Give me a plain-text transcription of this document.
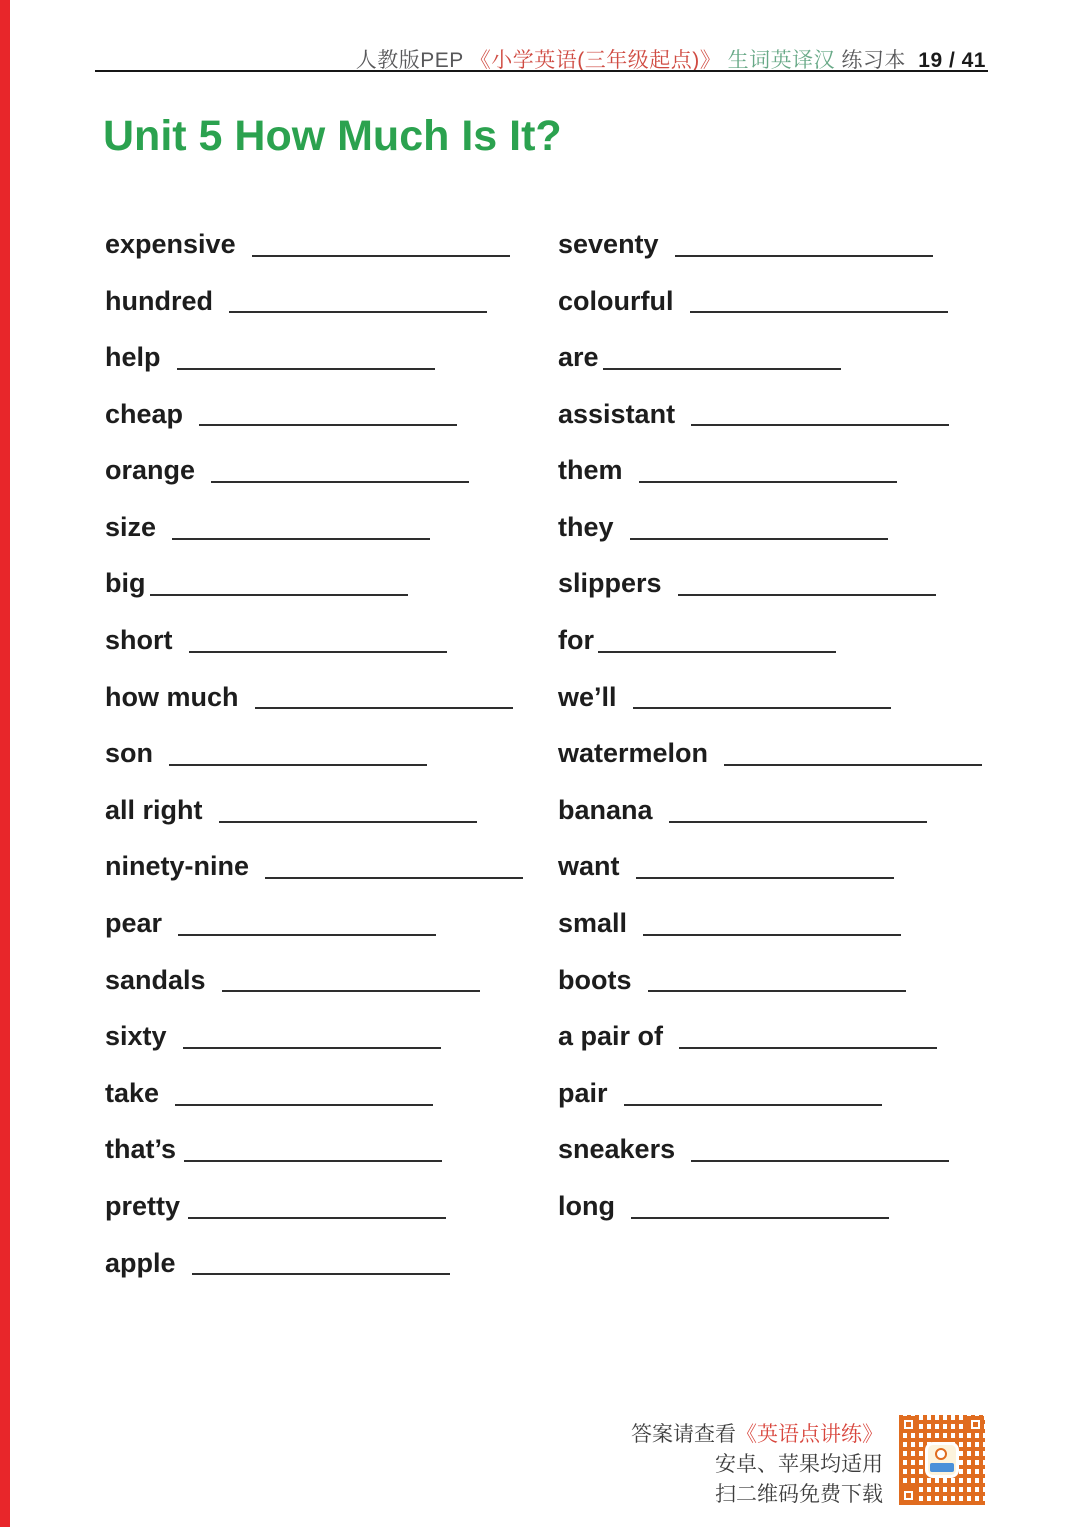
人教版PEP 《小学英语(三年级起点)》 生词英译汉 练习本 19 / 41
Unit 5 How Much Is It?
expensive
hundred
help
cheap
orange
size
big
short
how much
son
all right
ninety-nine
pear
sandals
sixty
take
that’s
pretty
apple
seventy
colourful
are
assistant
them
they
slippers
for
we’ll
watermelon
banana
want
small
boots
a pair of
pair
sneakers
long
答案请查看《英语点讲练》
安卓、苹果均适用
扫二维码免费下载
